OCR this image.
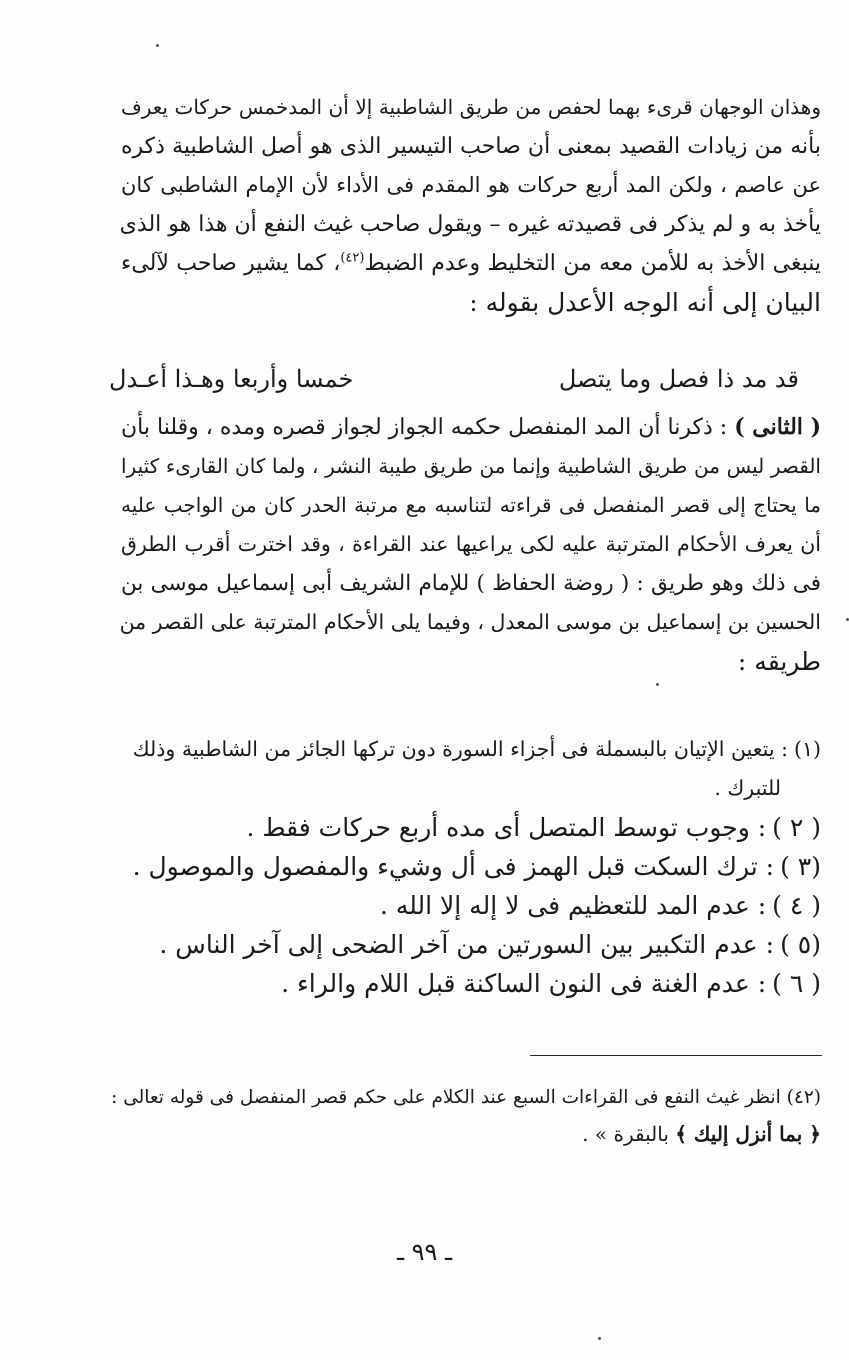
وهذان الوجهان قرىء بهما لحفص من طريق الشاطبية إلا أن المدخمس حركات يعرف
بأنه من زيادات القصيد بمعنى أن صاحب التيسير الذى هو أصل الشاطبية ذكره
عن عاصم ، ولكن المد أربع حركات هو المقدم فى الأداء لأن الإمام الشاطبى كان
يأخذ به و لم يذكر فى قصيدته غيره – ويقول صاحب غيث النفع أن هذا هو الذى
ينبغى الأخذ به للأمن معه من التخليط وعدم الضبط$^{(٤٢)}$، كما يشير صاحب لآلىء
البيان إلى أنه الوجه الأعدل بقوله :
قد مد ذا فصل وما يتصل
خمسا وأربعا وهـذا أعـدل
( الثانى ) : ذكرنا أن المد المنفصل حكمه الجواز لجواز قصره ومده ، وقلنا بأن
القصر ليس من طريق الشاطبية وإنما من طريق طيبة النشر ، ولما كان القارىء كثيرا
ما يحتاج إلى قصر المنفصل فى قراءته لتناسبه مع مرتبة الحدر كان من الواجب عليه
أن يعرف الأحكام المترتبة عليه لكى يراعيها عند القراءة ، وقد اخترت أقرب الطرق
فى ذلك وهو طريق : ( روضة الحفاظ ) للإمام الشريف أبى إسماعيل موسى بن
الحسين بن إسماعيل بن موسى المعدل ، وفيما يلى الأحكام المترتبة على القصر من
طريقه :
(١): يتعين الإتيان بالبسملة فى أجزاء السورة دون تركها الجائز من الشاطبية وذلك
للتبرك .
( ٢ ): وجوب توسط المتصل أى مده أربع حركات فقط .
(٣ ): ترك السكت قبل الهمز فى أل وشيء والمفصول والموصول .
( ٤ ): عدم المد للتعظيم فى لا إله إلا الله .
(٥ ): عدم التكبير بين السورتين من آخر الضحى إلى آخر الناس .
( ٦ ): عدم الغنة فى النون الساكنة قبل اللام والراء .
(٤٢) انظر غيث النفع فى القراءات السبع عند الكلام على حكم قصر المنفصل فى قوله تعالى :
﴿ بما أنزل إليك ﴾ بالبقرة » .
ـ ٩٩ ـ
